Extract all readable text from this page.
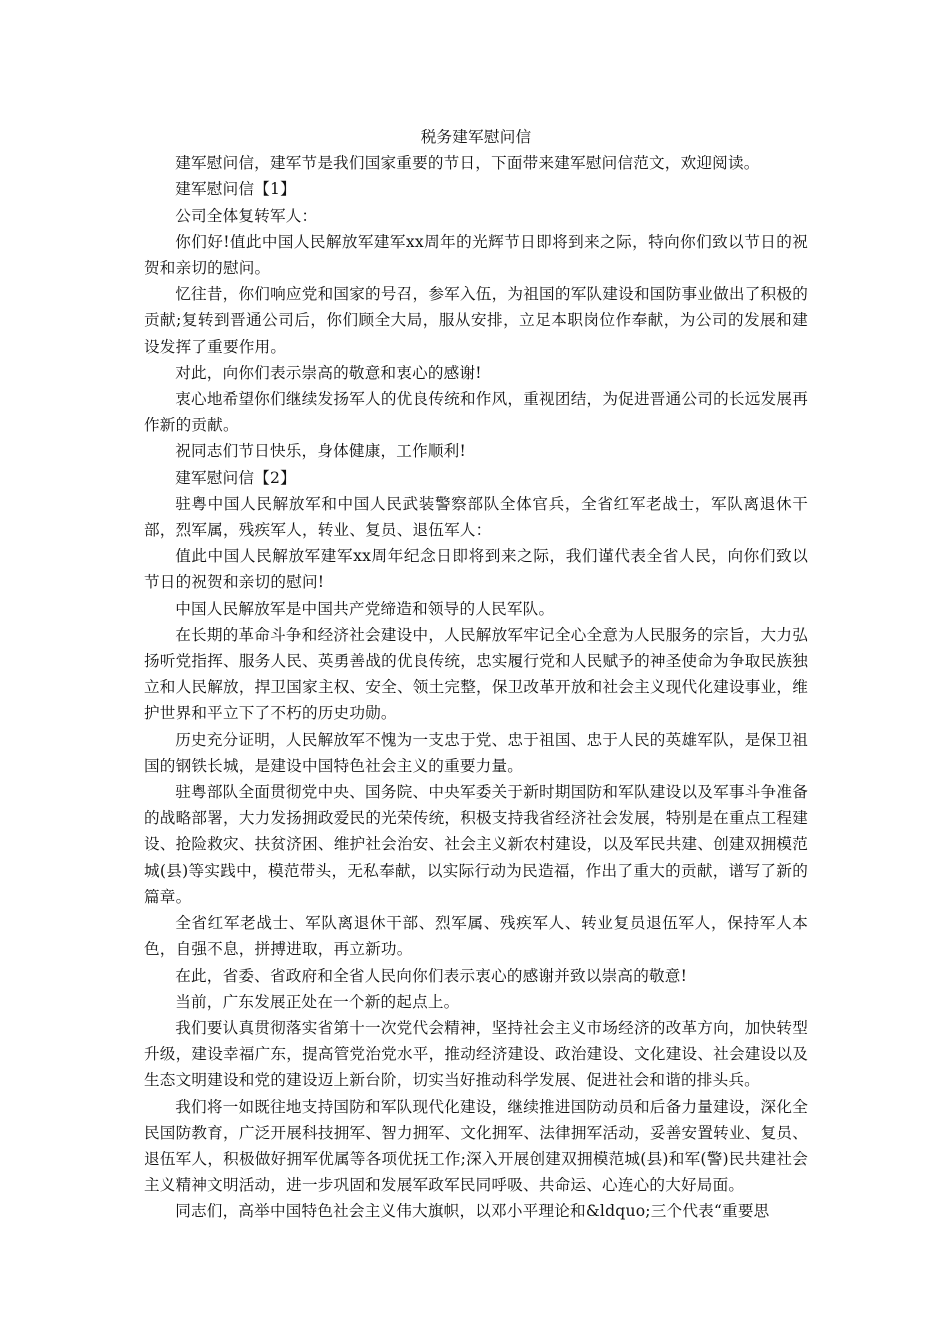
税务建军慰问信

建军慰问信，建军节是我们国家重要的节日，下面带来建军慰问信范文，欢迎阅读。

建军慰问信【1】

公司全体复转军人：

你们好!值此中国人民解放军建军xx周年的光辉节日即将到来之际，特向你们致以节日的祝贺和亲切的慰问。

忆往昔，你们响应党和国家的号召，参军入伍，为祖国的军队建设和国防事业做出了积极的贡献;复转到晋通公司后，你们顾全大局，服从安排，立足本职岗位作奉献，为公司的发展和建设发挥了重要作用。

对此，向你们表示崇高的敬意和衷心的感谢!

衷心地希望你们继续发扬军人的优良传统和作风，重视团结，为促进晋通公司的长远发展再作新的贡献。

祝同志们节日快乐，身体健康，工作顺利!

建军慰问信【2】

驻粤中国人民解放军和中国人民武装警察部队全体官兵，全省红军老战士，军队离退休干部，烈军属，残疾军人，转业、复员、退伍军人：

值此中国人民解放军建军xx周年纪念日即将到来之际，我们谨代表全省人民，向你们致以节日的祝贺和亲切的慰问!

中国人民解放军是中国共产党缔造和领导的人民军队。

在长期的革命斗争和经济社会建设中，人民解放军牢记全心全意为人民服务的宗旨，大力弘扬听党指挥、服务人民、英勇善战的优良传统，忠实履行党和人民赋予的神圣使命为争取民族独立和人民解放，捍卫国家主权、安全、领土完整，保卫改革开放和社会主义现代化建设事业，维护世界和平立下了不朽的历史功勋。

历史充分证明，人民解放军不愧为一支忠于党、忠于祖国、忠于人民的英雄军队，是保卫祖国的钢铁长城，是建设中国特色社会主义的重要力量。

驻粤部队全面贯彻党中央、国务院、中央军委关于新时期国防和军队建设以及军事斗争准备的战略部署，大力发扬拥政爱民的光荣传统，积极支持我省经济社会发展，特别是在重点工程建设、抢险救灾、扶贫济困、维护社会治安、社会主义新农村建设，以及军民共建、创建双拥模范城(县)等实践中，模范带头，无私奉献，以实际行动为民造福，作出了重大的贡献，谱写了新的篇章。

全省红军老战士、军队离退休干部、烈军属、残疾军人、转业复员退伍军人，保持军人本色，自强不息，拼搏进取，再立新功。

在此，省委、省政府和全省人民向你们表示衷心的感谢并致以崇高的敬意!

当前，广东发展正处在一个新的起点上。

我们要认真贯彻落实省第十一次党代会精神，坚持社会主义市场经济的改革方向，加快转型升级，建设幸福广东，提高管党治党水平，推动经济建设、政治建设、文化建设、社会建设以及生态文明建设和党的建设迈上新台阶，切实当好推动科学发展、促进社会和谐的排头兵。

我们将一如既往地支持国防和军队现代化建设，继续推进国防动员和后备力量建设，深化全民国防教育，广泛开展科技拥军、智力拥军、文化拥军、法律拥军活动，妥善安置转业、复员、退伍军人，积极做好拥军优属等各项优抚工作;深入开展创建双拥模范城(县)和军(警)民共建社会主义精神文明活动，进一步巩固和发展军政军民同呼吸、共命运、心连心的大好局面。

同志们，高举中国特色社会主义伟大旗帜，以邓小平理论和&ldquo;三个代表“重要思
